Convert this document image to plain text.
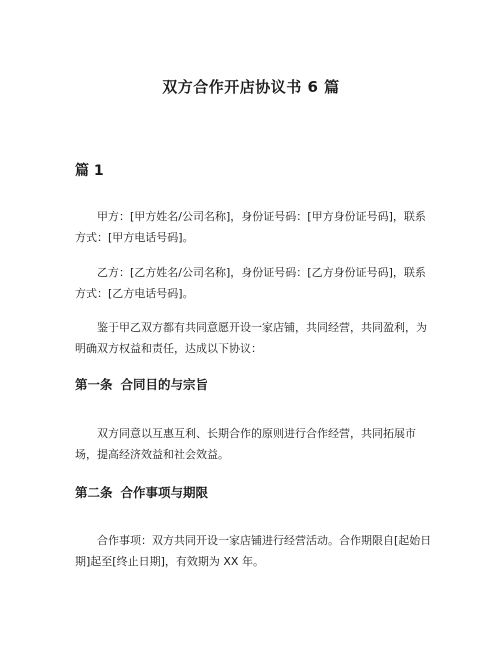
双方合作开店协议书 6 篇
篇 1

甲方：[甲方姓名/公司名称]，身份证号码：[甲方身份证号码]，联系方式：[甲方电话号码]。

乙方：[乙方姓名/公司名称]，身份证号码：[乙方身份证号码]，联系方式：[乙方电话号码]。

鉴于甲乙双方都有共同意愿开设一家店铺，共同经营，共同盈利，为明确双方权益和责任，达成以下协议：

第一条 合同目的与宗旨

双方同意以互惠互利、长期合作的原则进行合作经营，共同拓展市场，提高经济效益和社会效益。

第二条 合作事项与期限

合作事项：双方共同开设一家店铺进行经营活动。合作期限自[起始日期]起至[终止日期]，有效期为 XX 年。
